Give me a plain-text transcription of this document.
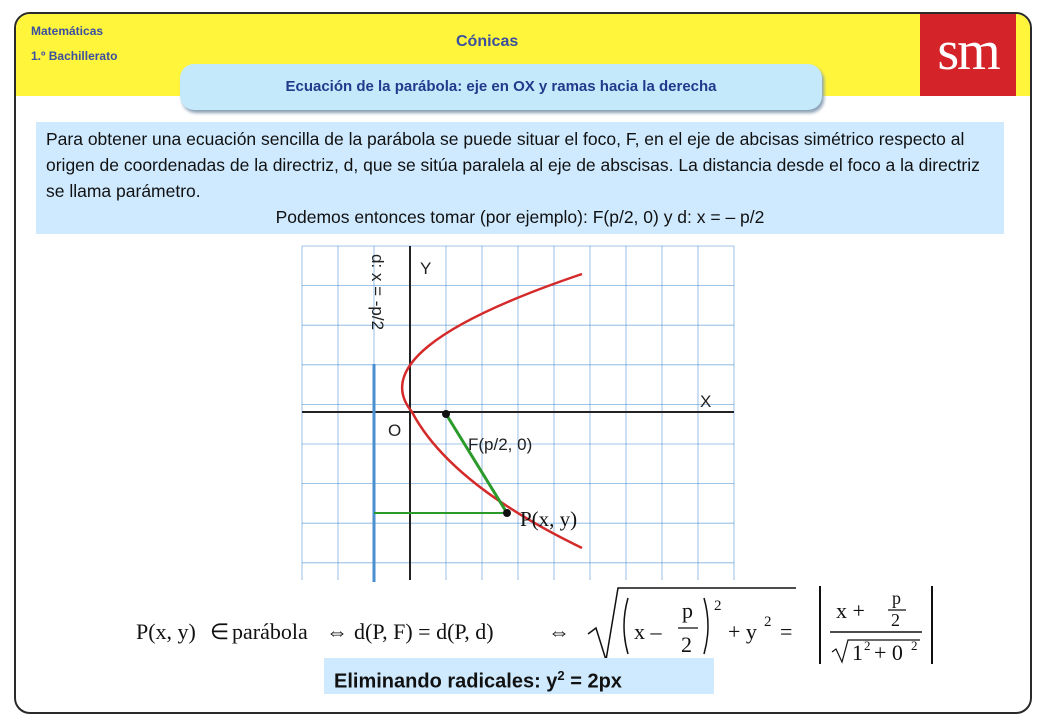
Matemáticas
1.º Bachillerato
Cónicas	sm
Ecuación de la parábola: eje en OX y ramas hacia la derecha

Para obtener una ecuación sencilla de la parábola se puede situar el foco, F, en el eje de abcisas simétrico respecto al origen de coordenadas de la directriz, d, que se sitúa paralela al eje de abscisas. La distancia desde el foco a la directriz se llama parámetro.

Podemos entonces tomar (por ejemplo): F(p/2, 0) y d: x = – p/2

Y
X
O
d: x = -p/2
F(p/2, 0)
P(x, y)
P(x, y) ∈ parábola ⇔ d(P, F) = d(P, d) ⇔	x –
p
2
2
+ y 2 =
x + p
2
1 2 + 0 2
Eliminando radicales: $y^2 = 2px$
